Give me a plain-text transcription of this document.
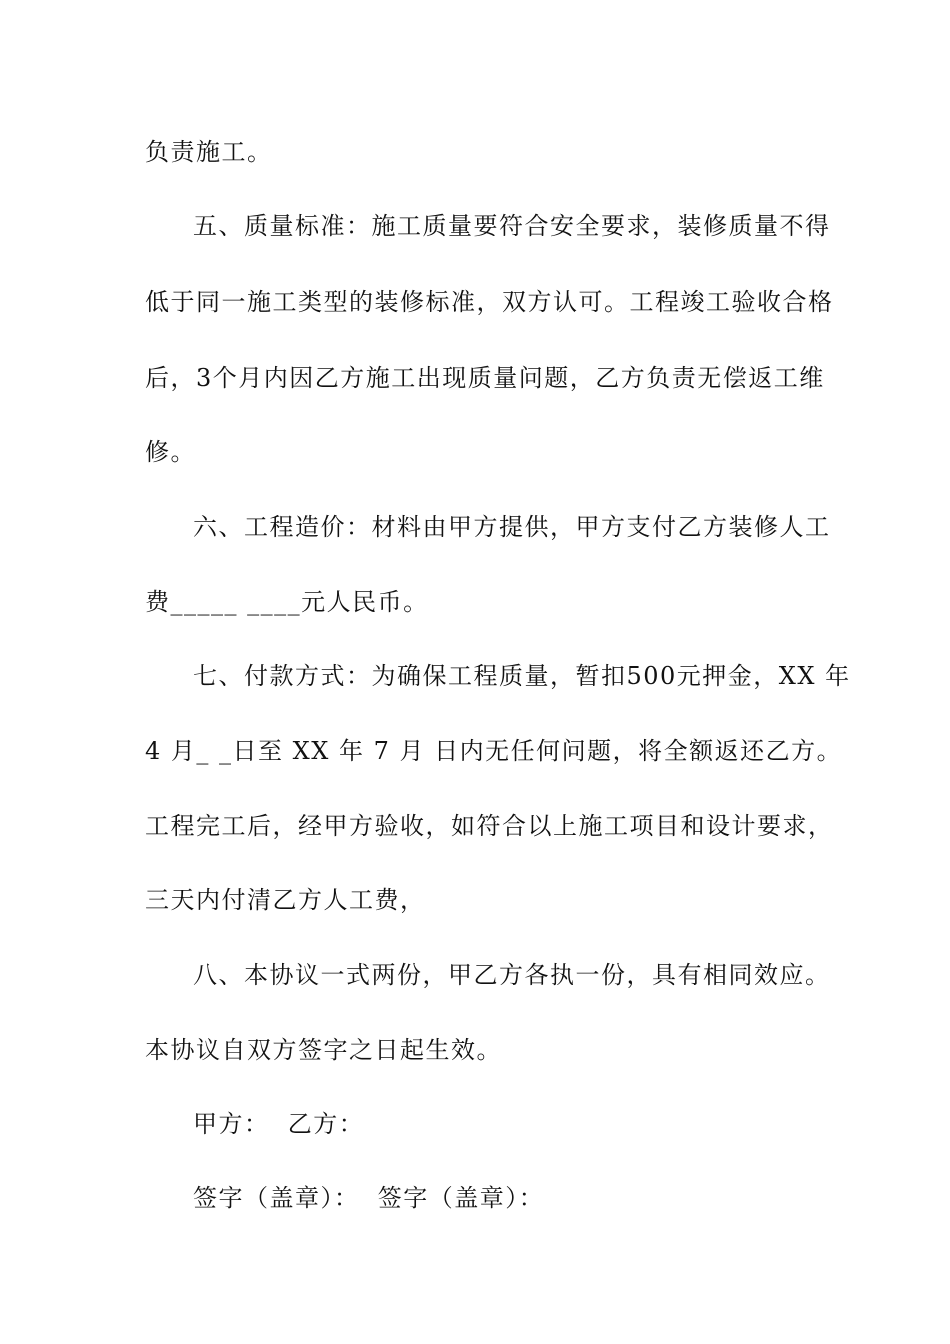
负责施工。
五、质量标准：施工质量要符合安全要求，装修质量不得
低于同一施工类型的装修标准，双方认可。工程竣工验收合格
后，3个月内因乙方施工出现质量问题，乙方负责无偿返工维
修。
六、工程造价：材料由甲方提供，甲方支付乙方装修人工
费_____ ____元人民币。
七、付款方式：为确保工程质量，暂扣500元押金，XX 年
4 月_ _日至 XX 年 7 月 日内无任何问题，将全额返还乙方。
工程完工后，经甲方验收，如符合以上施工项目和设计要求，
三天内付清乙方人工费，
八、本协议一式两份，甲乙方各执一份，具有相同效应。
本协议自双方签字之日起生效。
甲方：  乙方：
签字（盖章）：  签字（盖章）：
